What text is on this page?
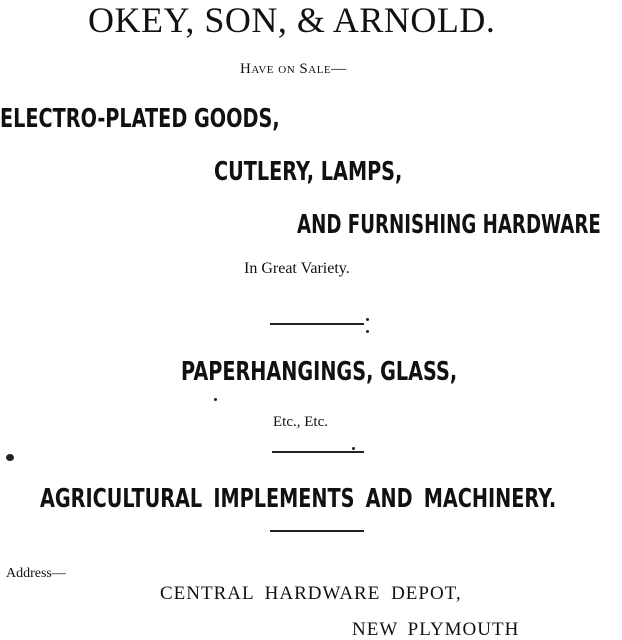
OKEY, SON, & ARNOLD.
Have on Sale—
ELECTRO-PLATED GOODS,
CUTLERY, LAMPS,
AND FURNISHING HARDWARE
In Great Variety.
PAPERHANGINGS, GLASS,
Etc., Etc.
AGRICULTURAL IMPLEMENTS AND MACHINERY.
Address—
CENTRAL HARDWARE DEPOT,
NEW PLYMOUTH
